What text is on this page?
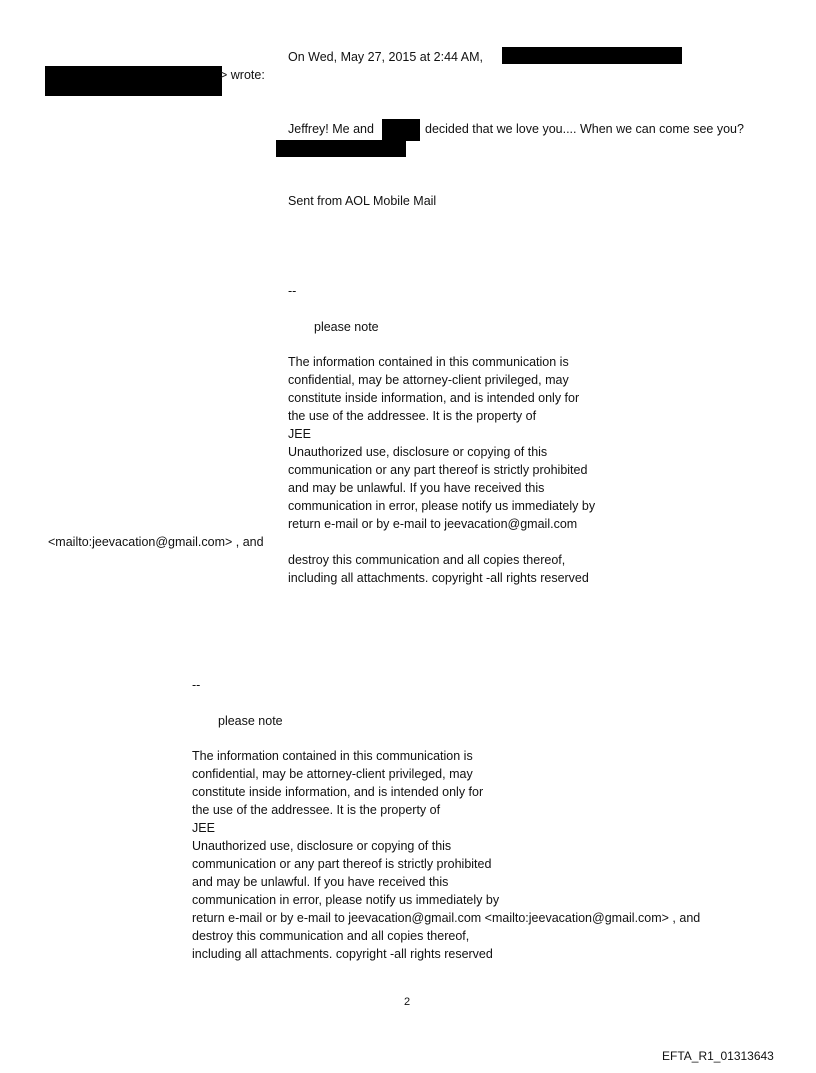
On Wed, May 27, 2015 at 2:44 AM,
> wrote:
Jeffrey! Me and	decided that we love you.... When we can come see you?
Sent from AOL Mobile Mail
--
please note
The information contained in this communication is
confidential, may be attorney-client privileged, may
constitute inside information, and is intended only for
the use of the addressee. It is the property of
JEE
Unauthorized use, disclosure or copying of this
communication or any part thereof is strictly prohibited
and may be unlawful. If you have received this
communication in error, please notify us immediately by
return e-mail or by e-mail to jeevacation@gmail.com
<mailto:jeevacation@gmail.com> , and
destroy this communication and all copies thereof,
including all attachments. copyright -all rights reserved
--
please note
The information contained in this communication is
confidential, may be attorney-client privileged, may
constitute inside information, and is intended only for
the use of the addressee. It is the property of
JEE
Unauthorized use, disclosure or copying of this
communication or any part thereof is strictly prohibited
and may be unlawful. If you have received this
communication in error, please notify us immediately by
return e-mail or by e-mail to jeevacation@gmail.com <mailto:jeevacation@gmail.com> , and
destroy this communication and all copies thereof,
including all attachments. copyright -all rights reserved
2
EFTA_R1_01313643
